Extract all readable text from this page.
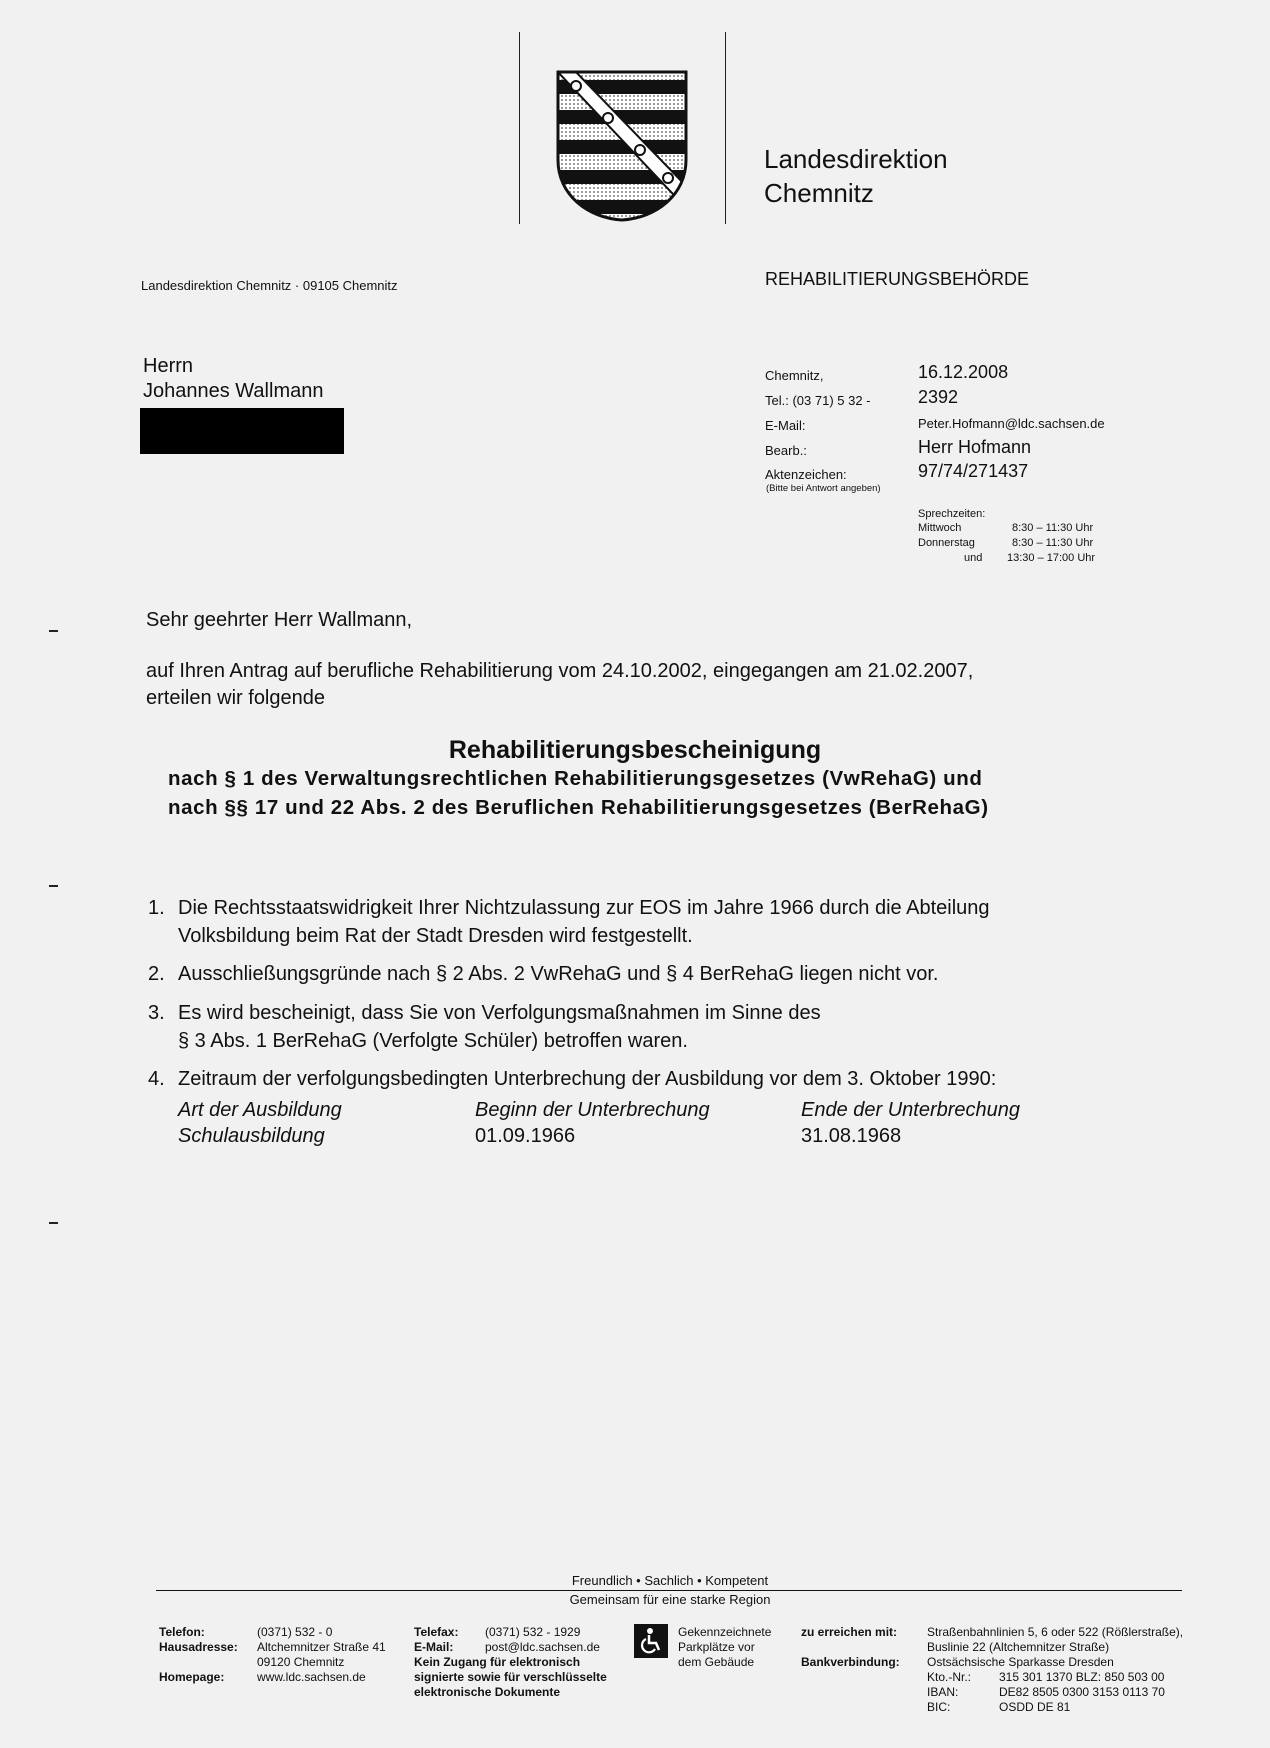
Landesdirektion
Chemnitz
Landesdirektion Chemnitz · 09105 Chemnitz	REHABILITIERUNGSBEHÖRDE
Herrn
Johannes Wallmann
Chemnitz,	16.12.2008
Tel.: (03 71) 5 32 -	2392
E-Mail:	Peter.Hofmann@ldc.sachsen.de
Bearb.:	Herr Hofmann
Aktenzeichen:	97/74/271437
(Bitte bei Antwort angeben)
Sprechzeiten:
Mittwoch	8:30 – 11:30 Uhr
Donnerstag	8:30 – 11:30 Uhr
und 13:30 – 17:00 Uhr
Sehr geehrter Herr Wallmann,
auf Ihren Antrag auf berufliche Rehabilitierung vom 24.10.2002, eingegangen am 21.02.2007,
erteilen wir folgende
Rehabilitierungsbescheinigung
nach § 1 des Verwaltungsrechtlichen Rehabilitierungsgesetzes (VwRehaG) und
nach §§ 17 und 22 Abs. 2 des Beruflichen Rehabilitierungsgesetzes (BerRehaG)
1. Die Rechtsstaatswidrigkeit Ihrer Nichtzulassung zur EOS im Jahre 1966 durch die Abteilung
Volksbildung beim Rat der Stadt Dresden wird festgestellt.
2. Ausschließungsgründe nach § 2 Abs. 2 VwRehaG und § 4 BerRehaG liegen nicht vor.
3. Es wird bescheinigt, dass Sie von Verfolgungsmaßnahmen im Sinne des
§ 3 Abs. 1 BerRehaG (Verfolgte Schüler) betroffen waren.
4. Zeitraum der verfolgungsbedingten Unterbrechung der Ausbildung vor dem 3. Oktober 1990:
Art der Ausbildung	Beginn der Unterbrechung	Ende der Unterbrechung
Schulausbildung	01.09.1966	31.08.1968
Freundlich • Sachlich • Kompetent
Gemeinsam für eine starke Region
Telefon:	(0371) 532 - 0
Hausadresse: Altchemnitzer Straße 41
09120 Chemnitz
Homepage:	www.ldc.sachsen.de
Telefax: (0371) 532 - 1929
E-Mail:	post@ldc.sachsen.de
Kein Zugang für elektronisch
signierte sowie für verschlüsselte
elektronische Dokumente
Gekennzeichnete
Parkplätze vor
dem Gebäude
zu erreichen mit: Straßenbahnlinien 5, 6 oder 522 (Rößlerstraße),
Buslinie 22 (Altchemnitzer Straße)
Bankverbindung: Ostsächsische Sparkasse Dresden
Kto.-Nr.: 315 301 1370 BLZ: 850 503 00
IBAN:	DE82 8505 0300 3153 0113 70
BIC:	OSDD DE 81
